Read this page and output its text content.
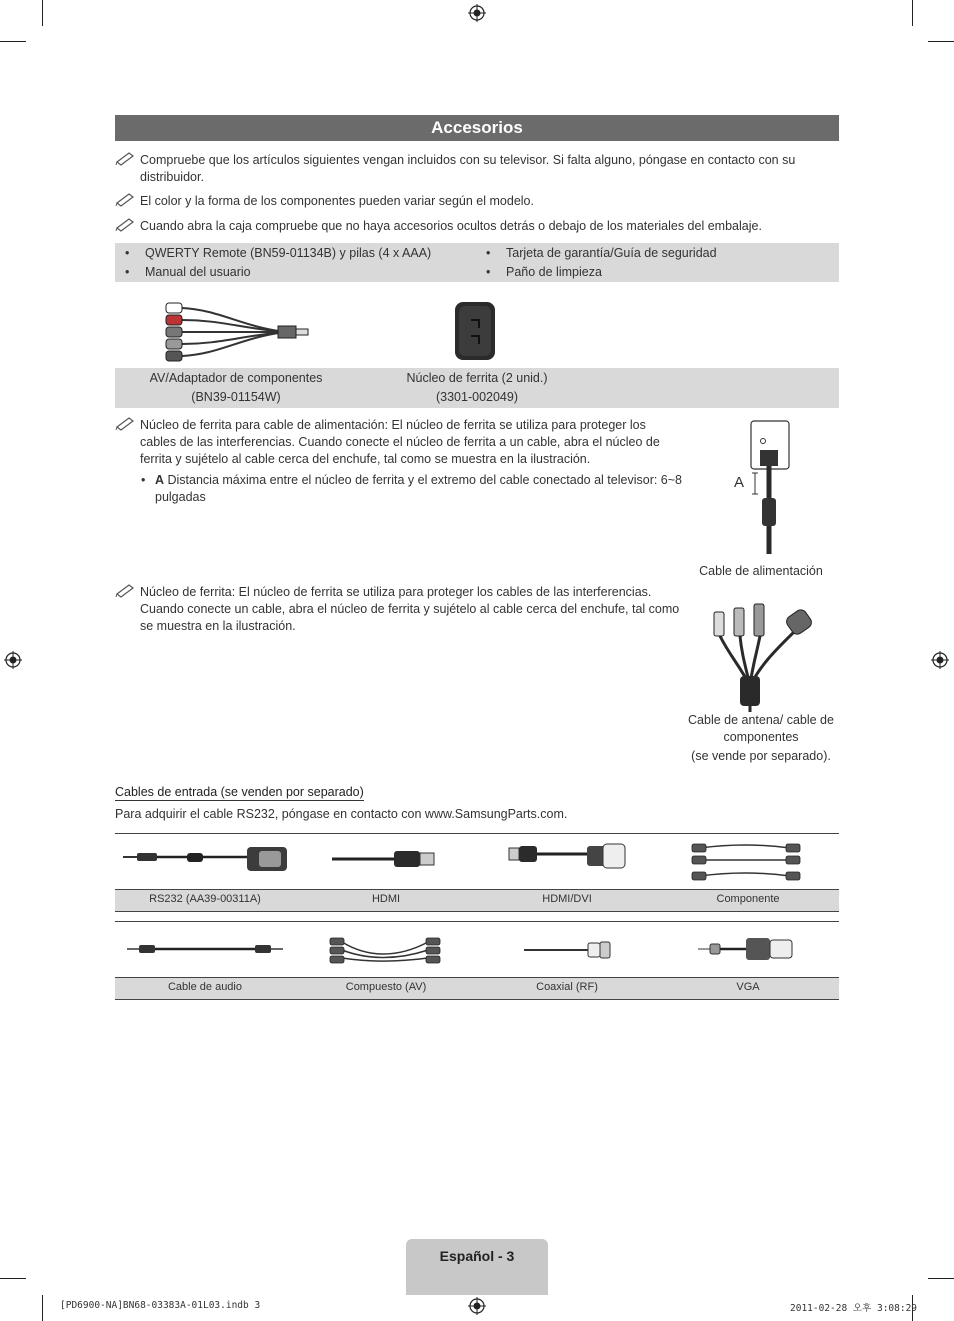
Accesorios
Compruebe que los artículos siguientes vengan incluidos con su televisor. Si falta alguno, póngase en contacto con su distribuidor.
El color y la forma de los componentes pueden variar según el modelo.
Cuando abra la caja compruebe que no haya accesorios ocultos detrás o debajo de los materiales del embalaje.
• QWERTY Remote (BN59-01134B) y pilas (4 x AAA)
• Manual del usuario
• Tarjeta de garantía/Guía de seguridad
• Paño de limpieza
AV/Adaptador de componentes
(BN39-01154W)
Núcleo de ferrita (2 unid.)
(3301-002049)
Núcleo de ferrita para cable de alimentación: El núcleo de ferrita se utiliza para proteger los cables de las interferencias. Cuando conecte el núcleo de ferrita a un cable, abra el núcleo de ferrita y sujételo al cable cerca del enchufe, tal como se muestra en la ilustración.
• A Distancia máxima entre el núcleo de ferrita y el extremo del cable conectado al televisor: 6~8 pulgadas
A
Cable de alimentación
Núcleo de ferrita: El núcleo de ferrita se utiliza para proteger los cables de las interferencias. Cuando conecte un cable, abra el núcleo de ferrita y sujételo al cable cerca del enchufe, tal como se muestra en la ilustración.
Cable de antena/ cable de
componentes
(se vende por separado).
Cables de entrada (se venden por separado)
Para adquirir el cable RS232, póngase en contacto con www.SamsungParts.com.
RS232 (AA39-00311A)	HDMI	HDMI/DVI	Componente
Cable de audio	Compuesto (AV)	Coaxial (RF)	VGA
Español - 3
[PD6900-NA]BN68-03383A-01L03.indb 3	2011-02-28 오후 3:08:29
